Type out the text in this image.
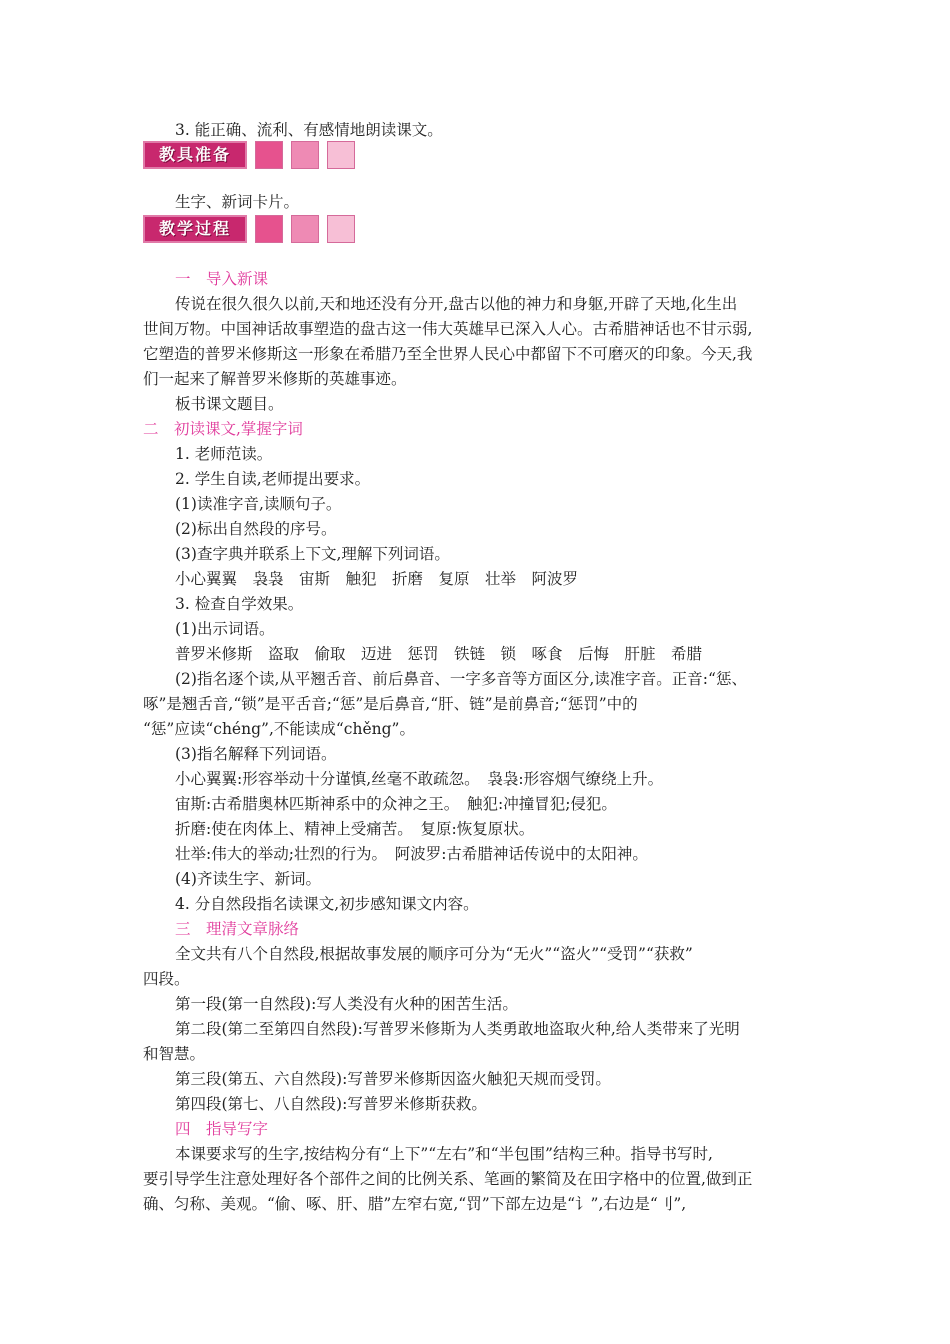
3. 能正确、流利、有感情地朗读课文。
教具准备
生字、新词卡片。
教学过程
一　导入新课
传说在很久很久以前,天和地还没有分开,盘古以他的神力和身躯,开辟了天地,化生出
世间万物。中国神话故事塑造的盘古这一伟大英雄早已深入人心。古希腊神话也不甘示弱,
它塑造的普罗米修斯这一形象在希腊乃至全世界人民心中都留下不可磨灭的印象。今天,我
们一起来了解普罗米修斯的英雄事迹。
板书课文题目。
二　初读课文,掌握字词
1. 老师范读。
2. 学生自读,老师提出要求。
(1)读准字音,读顺句子。
(2)标出自然段的序号。
(3)查字典并联系上下文,理解下列词语。
小心翼翼　袅袅　宙斯　触犯　折磨　复原　壮举　阿波罗
3. 检查自学效果。
(1)出示词语。
普罗米修斯　盗取　偷取　迈进　惩罚　铁链　锁　啄食　后悔　肝脏　希腊
(2)指名逐个读,从平翘舌音、前后鼻音、一字多音等方面区分,读准字音。正音:“惩、
啄”是翘舌音,“锁”是平舌音;“惩”是后鼻音,“肝、链”是前鼻音;“惩罚”中的
“惩”应读“chéng”,不能读成“chěng”。
(3)指名解释下列词语。
小心翼翼:形容举动十分谨慎,丝毫不敢疏忽。　袅袅:形容烟气缭绕上升。
宙斯:古希腊奥林匹斯神系中的众神之王。　触犯:冲撞冒犯;侵犯。
折磨:使在肉体上、精神上受痛苦。　复原:恢复原状。
壮举:伟大的举动;壮烈的行为。　阿波罗:古希腊神话传说中的太阳神。
(4)齐读生字、新词。
4. 分自然段指名读课文,初步感知课文内容。
三　理清文章脉络
全文共有八个自然段,根据故事发展的顺序可分为“无火”“盗火”“受罚”“获救”
四段。
第一段(第一自然段):写人类没有火种的困苦生活。
第二段(第二至第四自然段):写普罗米修斯为人类勇敢地盗取火种,给人类带来了光明
和智慧。
第三段(第五、六自然段):写普罗米修斯因盗火触犯天规而受罚。
第四段(第七、八自然段):写普罗米修斯获救。
四　指导写字
本课要求写的生字,按结构分有“上下”“左右”和“半包围”结构三种。指导书写时,
要引导学生注意处理好各个部件之间的比例关系、笔画的繁简及在田字格中的位置,做到正
确、匀称、美观。“偷、啄、肝、腊”左窄右宽,“罚”下部左边是“讠”,右边是“刂”,
